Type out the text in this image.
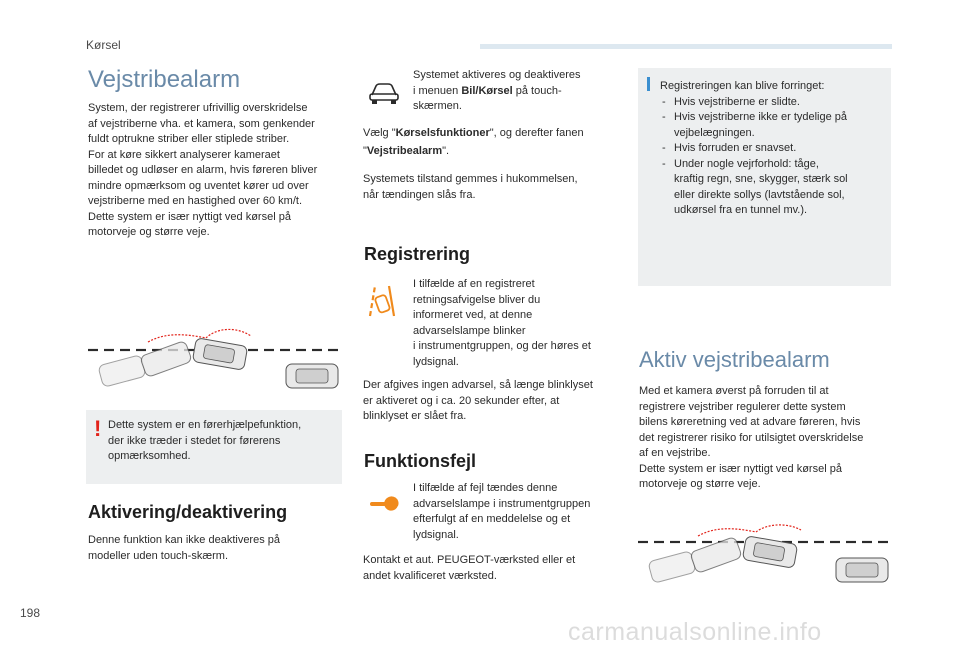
Kørsel
Vejstribealarm

System, der registrerer ufrivillig overskridelse

af vejstriberne vha. et kamera, som genkender

fuldt optrukne striber eller stiplede striber.

For at køre sikkert analyserer kameraet

billedet og udløser en alarm, hvis føreren bliver

mindre opmærksom og uventet kører ud over

vejstriberne med en hastighed over 60 km/t.

Dette system er især nyttigt ved kørsel på

motorveje og større veje.

! Dette system er en førerhjælpefunktion,

der ikke træder i stedet for førerens

opmærksomhed.

Aktivering/deaktivering

Denne funktion kan ikke deaktiveres på

modeller uden touch-skærm.

Systemet aktiveres og deaktiveres

i menuen Bil/Kørsel på touch-

skærmen.

Vælg "Kørselsfunktioner", og derefter fanen

"Vejstribealarm".

Systemets tilstand gemmes i hukommelsen,

når tændingen slås fra.

Registrering

I tilfælde af en registreret

retningsafvigelse bliver du

informeret ved, at denne

advarselslampe blinker

i instrumentgruppen, og der høres et

lydsignal.

Der afgives ingen advarsel, så længe blinklyset

er aktiveret og i ca. 20 sekunder efter, at

blinklyset er slået fra.

Funktionsfejl

I tilfælde af fejl tændes denne

advarselslampe i instrumentgruppen

efterfulgt af en meddelelse og et

lydsignal.

Kontakt et aut. PEUGEOT-værksted eller et

andet kvalificeret værksted.

Registreringen kan blive forringet:

- Hvis vejstriberne er slidte.
- Hvis vejstriberne ikke er tydelige på
vejbelægningen.
- Hvis forruden er snavset.
- Under nogle vejrforhold: tåge,
kraftig regn, sne, skygger, stærk sol
eller direkte sollys (lavtstående sol,
udkørsel fra en tunnel mv.).
Aktiv vejstribealarm

Med et kamera øverst på forruden til at

registrere vejstriber regulerer dette system

bilens køreretning ved at advare føreren, hvis

det registrerer risiko for utilsigtet overskridelse

af en vejstribe.

Dette system er især nyttigt ved kørsel på

motorveje og større veje.

198
carmanualsonline.info
